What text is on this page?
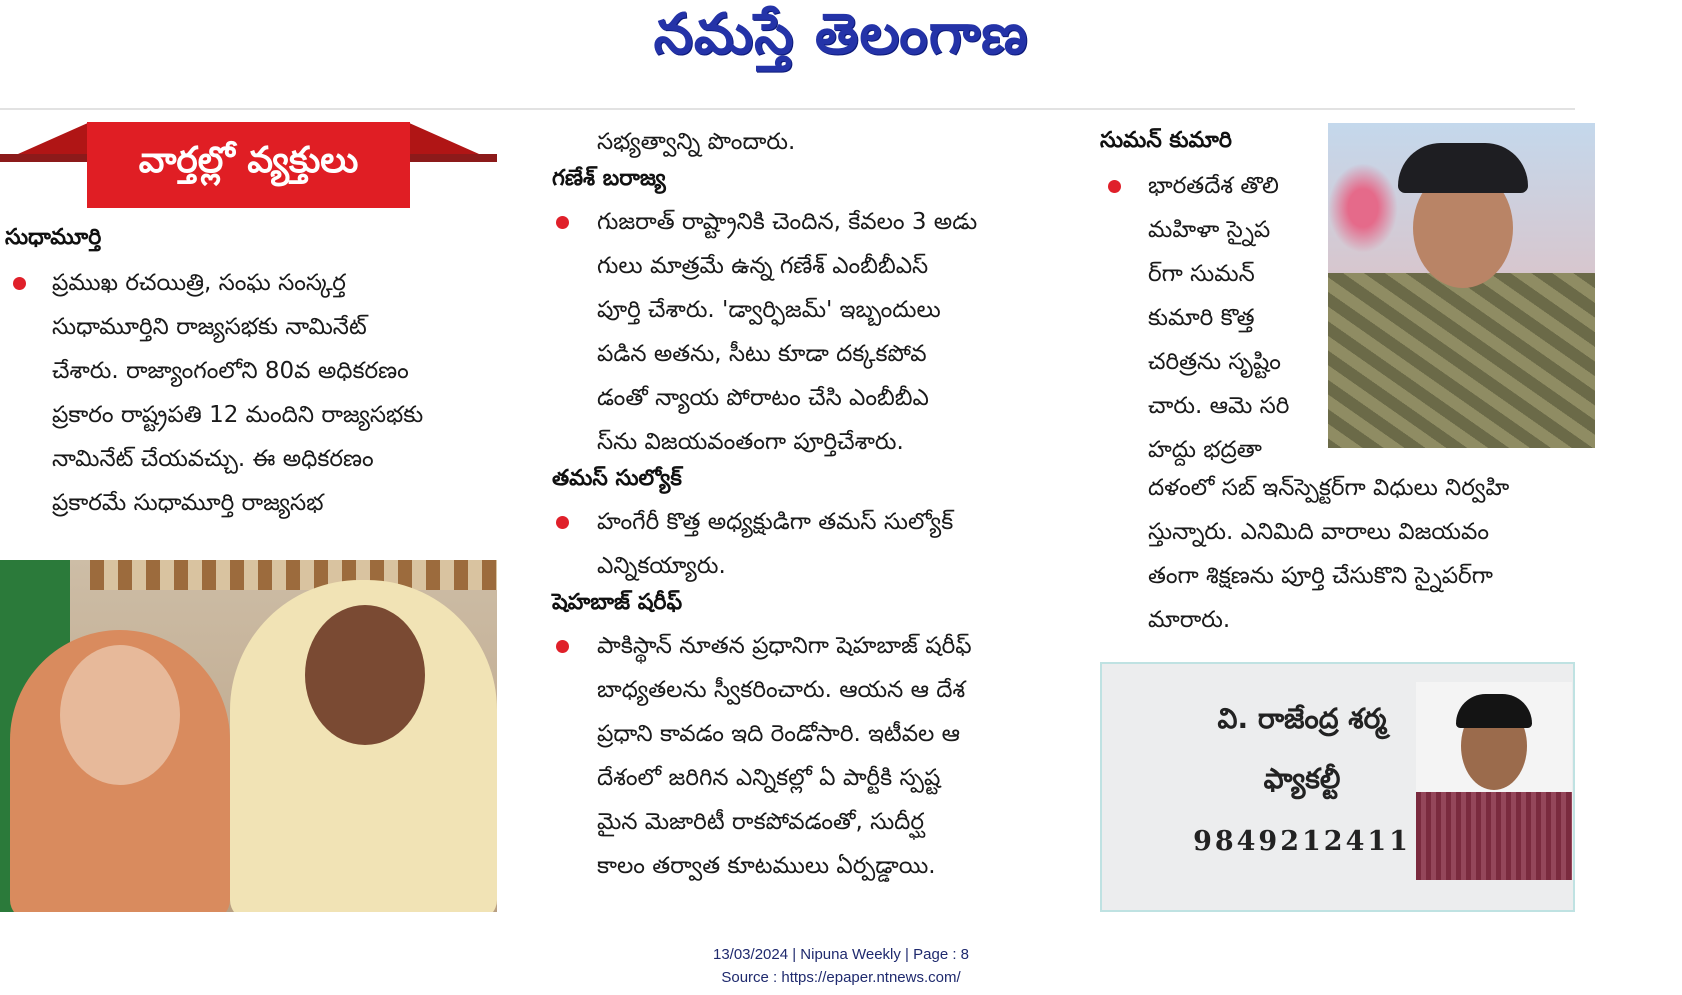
నమస్తే తెలంగాణ
వార్తల్లో వ్యక్తులు
సుధామూర్తి
ప్రముఖ రచయిత్రి, సంఘ సంస్కర్త
సుధామూర్తిని రాజ్యసభకు నామినేట్
చేశారు. రాజ్యాంగంలోని 80వ అధికరణం
ప్రకారం రాష్ట్రపతి 12 మందిని రాజ్యసభకు
నామినేట్ చేయవచ్చు. ఈ అధికరణం
ప్రకారమే సుధామూర్తి రాజ్యసభ
సభ్యత్వాన్ని పొందారు.
గణేశ్ బరాజ్య
గుజరాత్ రాష్ట్రానికి చెందిన, కేవలం 3 అడు
గులు మాత్రమే ఉన్న గణేశ్ ఎంబీబీఎస్
పూర్తి చేశారు. 'డ్వార్ఫిజమ్' ఇబ్బందులు
పడిన అతను, సీటు కూడా దక్కకపోవ
డంతో న్యాయ పోరాటం చేసి ఎంబీబీఎ
స్‌ను విజయవంతంగా పూర్తిచేశారు.
తమస్ సుల్యోక్
హంగేరీ కొత్త అధ్యక్షుడిగా తమస్ సుల్యోక్
ఎన్నికయ్యారు.
షెహబాజ్ షరీఫ్
పాకిస్థాన్ నూతన ప్రధానిగా షెహబాజ్ షరీఫ్
బాధ్యతలను స్వీకరించారు. ఆయన ఆ దేశ
ప్రధాని కావడం ఇది రెండోసారి. ఇటీవల ఆ
దేశంలో జరిగిన ఎన్నికల్లో ఏ పార్టీకి స్పష్ట
మైన మెజారిటీ రాకపోవడంతో, సుదీర్ఘ
కాలం తర్వాత కూటములు ఏర్పడ్డాయి.
సుమన్ కుమారి
భారతదేశ తొలి
మహిళా స్నైప
ర్‌గా సుమన్
కుమారి కొత్త
చరిత్రను సృష్టిం
చారు. ఆమె సరి
హద్దు భద్రతా
దళంలో సబ్ ఇన్‌స్పెక్టర్‌గా విధులు నిర్వహి
స్తున్నారు. ఎనిమిది వారాలు విజయవం
తంగా శిక్షణను పూర్తి చేసుకొని స్నైపర్‌గా
మారారు.
వి. రాజేంద్ర శర్మ
ఫ్యాకల్టీ
9849212411
13/03/2024 | Nipuna Weekly | Page : 8
Source : https://epaper.ntnews.com/
